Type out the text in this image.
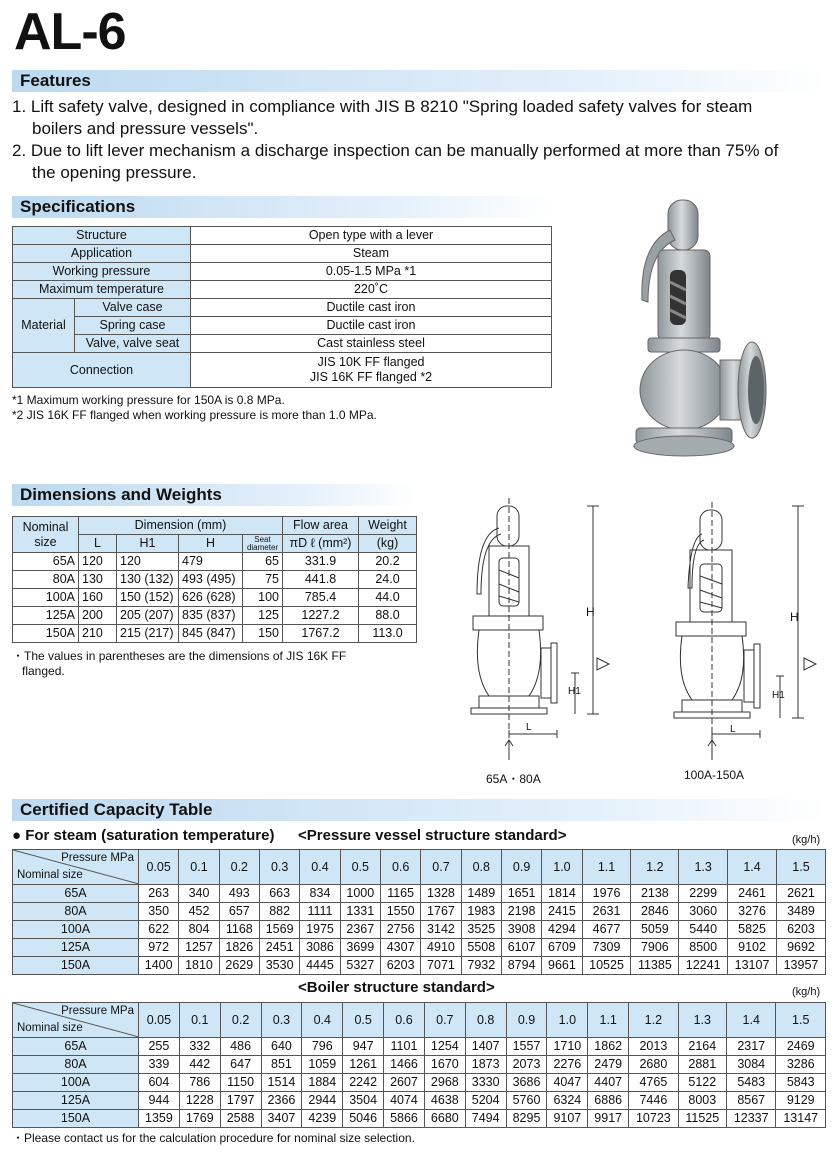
AL-6
Features
1. Lift safety valve, designed in compliance with JIS B 8210 "Spring loaded safety valves for steam
boilers and pressure vessels".
2. Due to lift lever mechanism a discharge inspection can be manually performed at more than 75% of
the opening pressure.
Specifications
Structure		Open type with a lever
Application		Steam
Working pressure		0.05-1.5 MPa *1
Maximum temperature		220˚C
Material	Valve case	Ductile cast iron
	Spring case	Ductile cast iron
	Valve, valve seat	Cast stainless steel
Connection		JIS 10K FF flanged
JIS 16K FF flanged *2
*1 Maximum working pressure for 150A is 0.8 MPa.
*2 JIS 16K FF flanged when working pressure is more than 1.0 MPa.
Dimensions and Weights
Nominal size	Dimension (mm)				Flow area	Weight
	L	H1	H	Seat diameter	πD ℓ (mm²)	(kg)
65A	120	120	479	65	331.9	20.2
80A	130	130 (132)	493 (495)	75	441.8	24.0
100A	160	150 (152)	626 (628)	100	785.4	44.0
125A	200	205 (207)	835 (837)	125	1227.2	88.0
150A	210	215 (217)	845 (847)	150	1767.2	113.0
・The values in parentheses are the dimensions of JIS 16K FF
flanged.
H
H1
L
65A・80A
H
H1
L
100A-150A
Certified Capacity Table
● For steam (saturation temperature) <Pressure vessel structure standard>	(kg/h)
Pressure MPa
Nominal size	0.05	0.1	0.2	0.3	0.4	0.5	0.6	0.7	0.8	0.9	1.0	1.1	1.2	1.3	1.4	1.5
65A	263	340	493	663	834	1000	1165	1328	1489	1651	1814	1976	2138	2299	2461	2621
80A	350	452	657	882	1111	1331	1550	1767	1983	2198	2415	2631	2846	3060	3276	3489
100A	622	804	1168	1569	1975	2367	2756	3142	3525	3908	4294	4677	5059	5440	5825	6203
125A	972	1257	1826	2451	3086	3699	4307	4910	5508	6107	6709	7309	7906	8500	9102	9692
150A	1400	1810	2629	3530	4445	5327	6203	7071	7932	8794	9661	10525	11385	12241	13107	13957
<Boiler structure standard>	(kg/h)
Pressure MPa
Nominal size	0.05	0.1	0.2	0.3	0.4	0.5	0.6	0.7	0.8	0.9	1.0	1.1	1.2	1.3	1.4	1.5
65A	255	332	486	640	796	947	1101	1254	1407	1557	1710	1862	2013	2164	2317	2469
80A	339	442	647	851	1059	1261	1466	1670	1873	2073	2276	2479	2680	2881	3084	3286
100A	604	786	1150	1514	1884	2242	2607	2968	3330	3686	4047	4407	4765	5122	5483	5843
125A	944	1228	1797	2366	2944	3504	4074	4638	5204	5760	6324	6886	7446	8003	8567	9129
150A	1359	1769	2588	3407	4239	5046	5866	6680	7494	8295	9107	9917	10723	11525	12337	13147
・Please contact us for the calculation procedure for nominal size selection.
